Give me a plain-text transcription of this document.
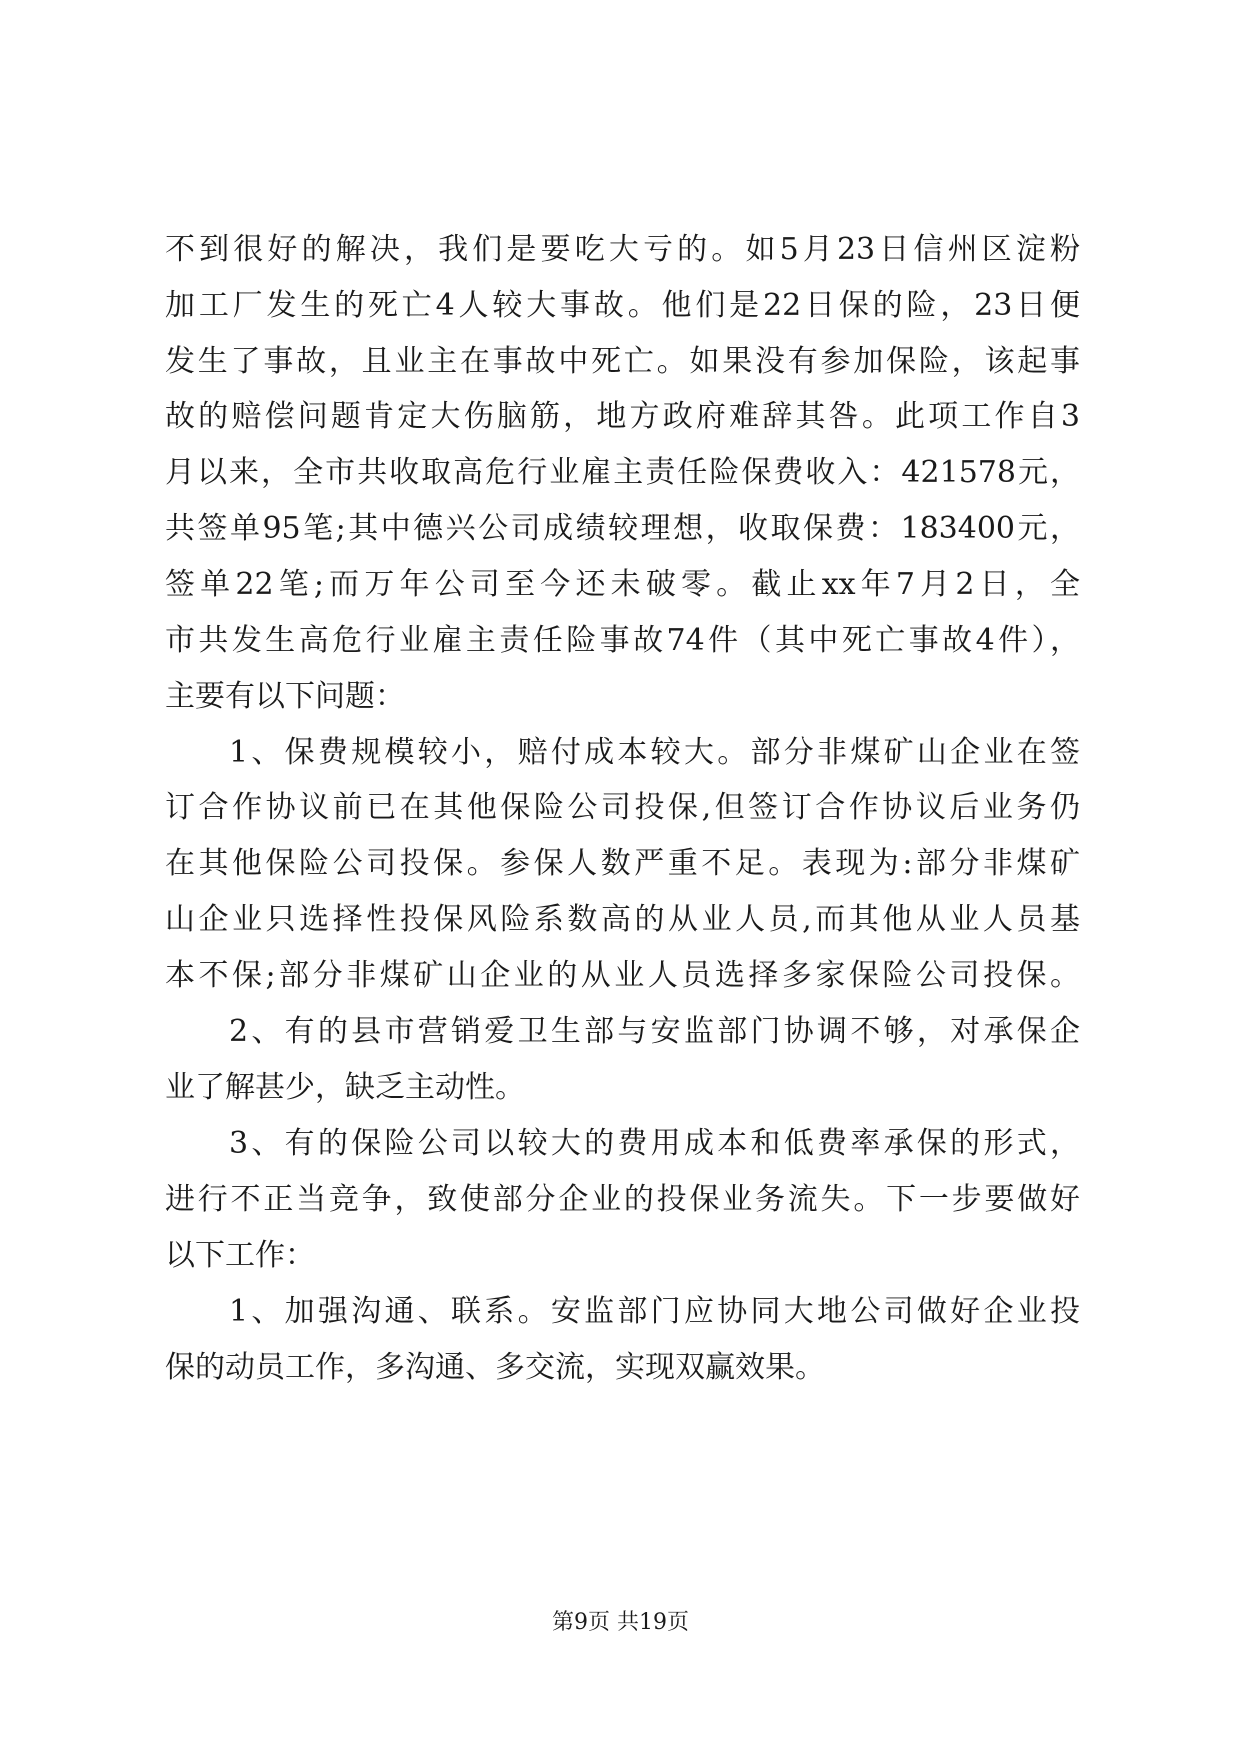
不到很好的解决，我们是要吃大亏的。如5月23日信州区淀粉
加工厂发生的死亡4人较大事故。他们是22日保的险，23日便
发生了事故，且业主在事故中死亡。如果没有参加保险，该起事
故的赔偿问题肯定大伤脑筋，地方政府难辞其咎。此项工作自3
月以来，全市共收取高危行业雇主责任险保费收入：421578元，
共签单95笔;其中德兴公司成绩较理想，收取保费：183400元，
签单22笔;而万年公司至今还未破零。截止xx年7月2日，全
市共发生高危行业雇主责任险事故74件（其中死亡事故4件），
主要有以下问题：
1、保费规模较小，赔付成本较大。部分非煤矿山企业在签
订合作协议前已在其他保险公司投保,但签订合作协议后业务仍
在其他保险公司投保。参保人数严重不足。表现为:部分非煤矿
山企业只选择性投保风险系数高的从业人员,而其他从业人员基
本不保;部分非煤矿山企业的从业人员选择多家保险公司投保。
2、有的县市营销爱卫生部与安监部门协调不够，对承保企
业了解甚少，缺乏主动性。
3、有的保险公司以较大的费用成本和低费率承保的形式，
进行不正当竞争，致使部分企业的投保业务流失。下一步要做好
以下工作：
1、加强沟通、联系。安监部门应协同大地公司做好企业投
保的动员工作，多沟通、多交流，实现双赢效果。
第9页 共19页
